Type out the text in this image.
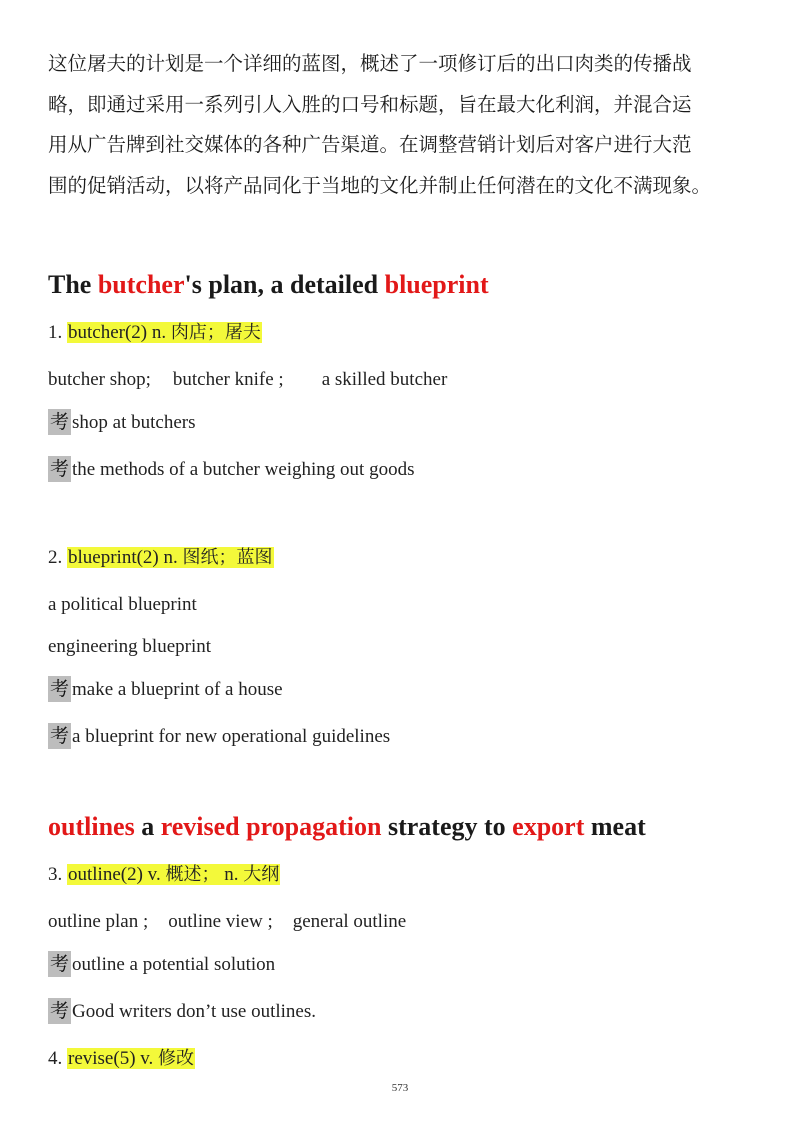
这位屠夫的计划是一个详细的蓝图，概述了一项修订后的出口肉类的传播战

略，即通过采用一系列引人入胜的口号和标题，旨在最大化利润，并混合运

用从广告牌到社交媒体的各种广告渠道。在调整营销计划后对客户进行大范

围的促销活动，以将产品同化于当地的文化并制止任何潜在的文化不满现象。

The butcher's plan, a detailed blueprint

1. butcher(2) n. 肉店；屠夫

butcher shop; butcher knife ; a skilled butcher

考 shop at butchers

考 the methods of a butcher weighing out goods

2. blueprint(2) n. 图纸；蓝图

a political blueprint

engineering blueprint

考 make a blueprint of a house

考 a blueprint for new operational guidelines

outlines a revised propagation strategy to export meat

3. outline(2) v. 概述； n. 大纲

outline plan ; outline view ; general outline

考 outline a potential solution

考 Good writers don’t use outlines.

4. revise(5) v. 修改

573
